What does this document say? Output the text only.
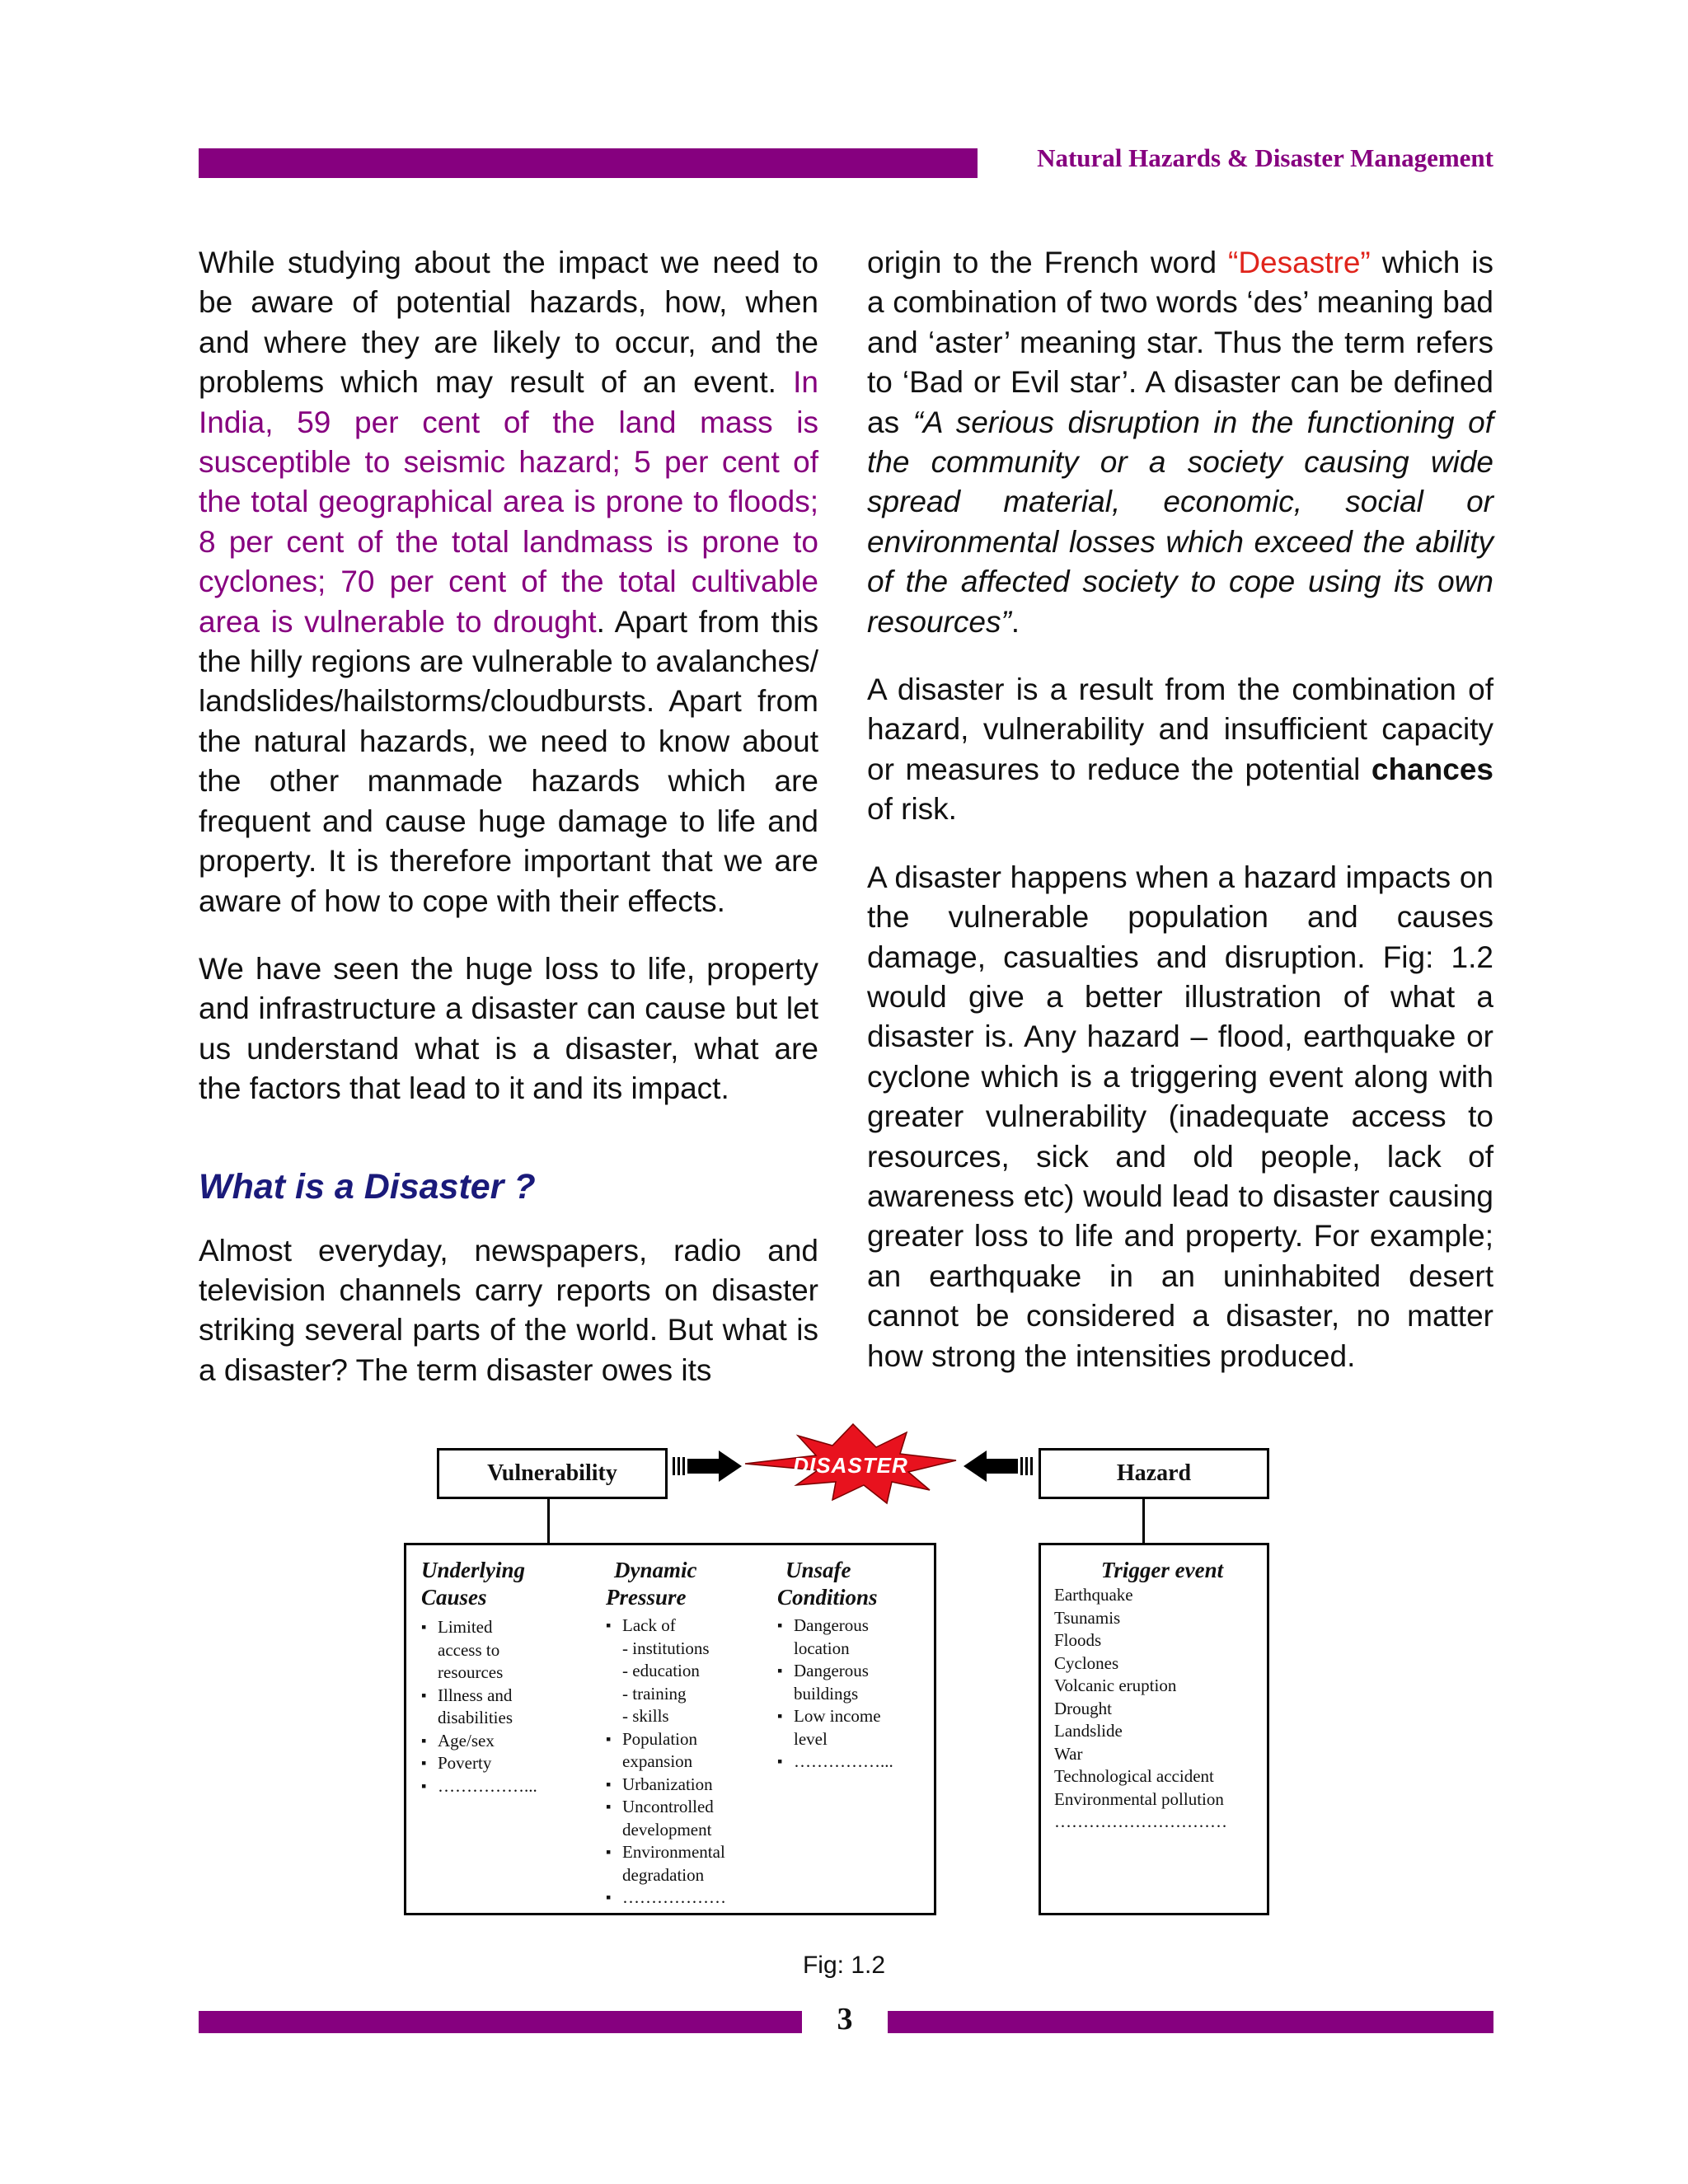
Natural Hazards & Disaster Management

While studying about the impact we need to be aware of potential hazards, how, when and where they are likely to occur, and the problems which may result of an event. In India, 59 per cent of the land mass is susceptible to seismic hazard; 5 per cent of the total geographical area is prone to floods; 8 per cent of the total landmass is prone to cyclones; 70 per cent of the total cultivable area is vulnerable to drought. Apart from this the hilly regions are vulnerable to avalanches/ landslides/hailstorms/cloudbursts. Apart from the natural hazards, we need to know about the other manmade hazards which are frequent and cause huge damage to life and property. It is therefore important that we are aware of how to cope with their effects.

We have seen the huge loss to life, property and infrastructure a disaster can cause but let us understand what is a disaster, what are the factors that lead to it and its impact.

What is a Disaster ?

Almost everyday, newspapers, radio and television channels carry reports on disaster striking several parts of the world. But what is a disaster? The term disaster owes its

origin to the French word “Desastre” which is a combination of two words ‘des’ meaning bad and ‘aster’ meaning star. Thus the term refers to ‘Bad or Evil star’. A disaster can be defined as “A serious disruption in the functioning of the community or a society causing wide spread material, economic, social or environmental losses which exceed the ability of the affected society to cope using its own resources”.

A disaster is a result from the combination of hazard, vulnerability and insufficient capacity or measures to reduce the potential chances of risk.

A disaster happens when a hazard impacts on the vulnerable population and causes damage, casualties and disruption. Fig: 1.2 would give a better illustration of what a disaster is. Any hazard – flood, earthquake or cyclone which is a triggering event along with greater vulnerability (inadequate access to resources, sick and old people, lack of awareness etc) would lead to disaster causing greater loss to life and property. For example; an earthquake in an uninhabited desert cannot be considered a disaster, no matter how strong the intensities produced.

DISASTER
Vulnerability	Hazard
Underlying
Causes
▪ Limited access to resources
▪ Illness and disabilities
▪ Age/sex
▪ Poverty
▪ ……………...
Dynamic
Pressure
▪ Lack of
- institutions
- education
- training
- skills
▪ Population expansion
▪ Urbanization
▪ Uncontrolled development
▪ Environmental degradation
▪ ………………
Unsafe
Conditions
▪ Dangerous location
▪ Dangerous buildings
▪ Low income level
▪ ……………...
Trigger event
Earthquake
Tsunamis
Floods
Cyclones
Volcanic eruption
Drought
Landslide
War
Technological accident
Environmental pollution
…………………………
Fig: 1.2
3
